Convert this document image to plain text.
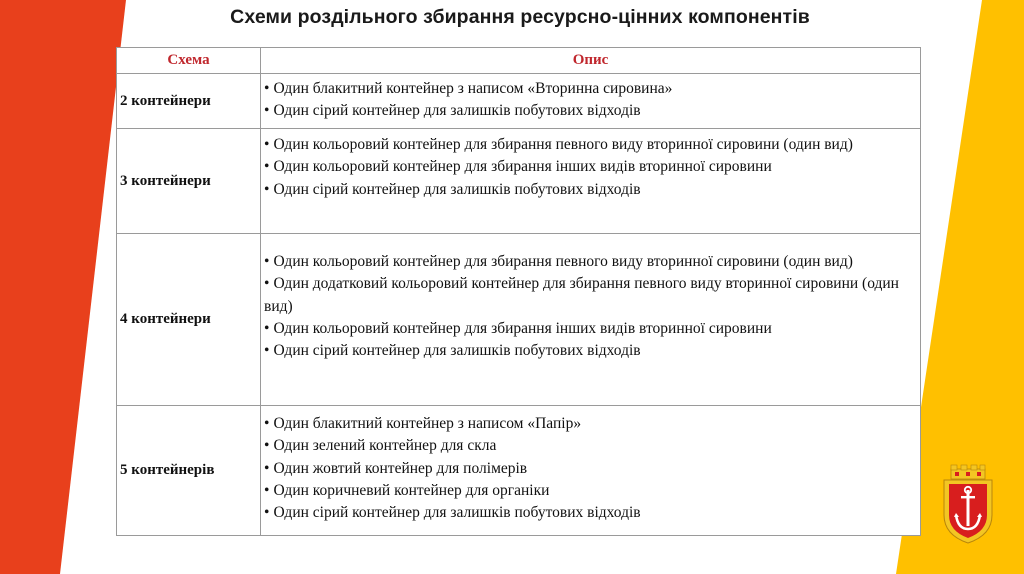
Схеми роздільного збирання ресурсно-цінних компонентів
Схема	Опис
2 контейнери	• Один блакитний контейнер з написом «Вторинна сировина»
• Один сірий контейнер для залишків побутових відходів

3 контейнери	• Один кольоровий контейнер для збирання певного виду вторинної сировини (один вид)
• Один кольоровий контейнер для збирання інших видів вторинної сировини
• Один сірий контейнер для залишків побутових відходів

4 контейнери	• Один кольоровий контейнер для збирання певного виду вторинної сировини (один вид)
• Один додатковий кольоровий контейнер для збирання певного виду вторинної сировини (один вид)
• Один кольоровий контейнер для збирання інших видів вторинної сировини
• Один сірий контейнер для залишків побутових відходів

5 контейнерів	• Один блакитний контейнер з написом «Папір»
• Один зелений контейнер для скла
• Один жовтий контейнер для полімерів
• Один коричневий контейнер для органіки
• Один сірий контейнер для залишків побутових відходів
